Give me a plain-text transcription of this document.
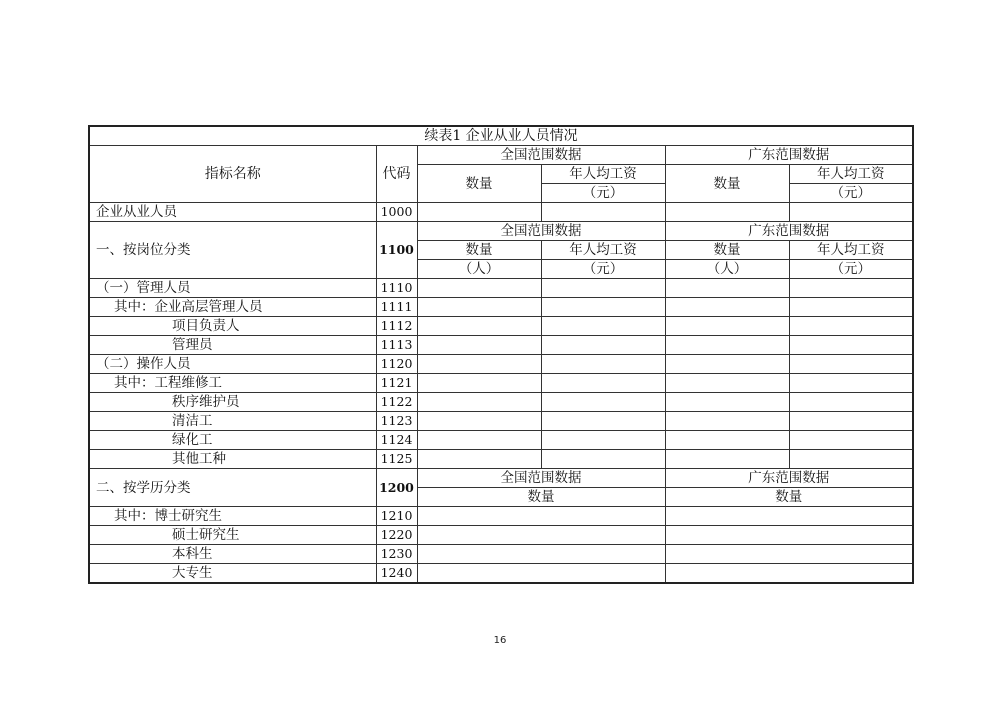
续表1 企业从业人员情况					
指标名称	代码	全国范围数据		广东范围数据	
		数量	年人均工资	数量	年人均工资
			（元）		（元）
企业从业人员	1000				
一、按岗位分类	1100	全国范围数据		广东范围数据	
		数量	年人均工资	数量	年人均工资
		（人）	（元）	（人）	（元）
（一）管理人员	1110				
其中：企业高层管理人员	1111				
项目负责人	1112				
管理员	1113				
（二）操作人员	1120				
其中：工程维修工	1121				
秩序维护员	1122				
清洁工	1123				
绿化工	1124				
其他工种	1125				
二、按学历分类	1200	全国范围数据		广东范围数据	
		数量		数量	
其中：博士研究生	1210				
硕士研究生	1220				
本科生	1230				
大专生	1240				
16
